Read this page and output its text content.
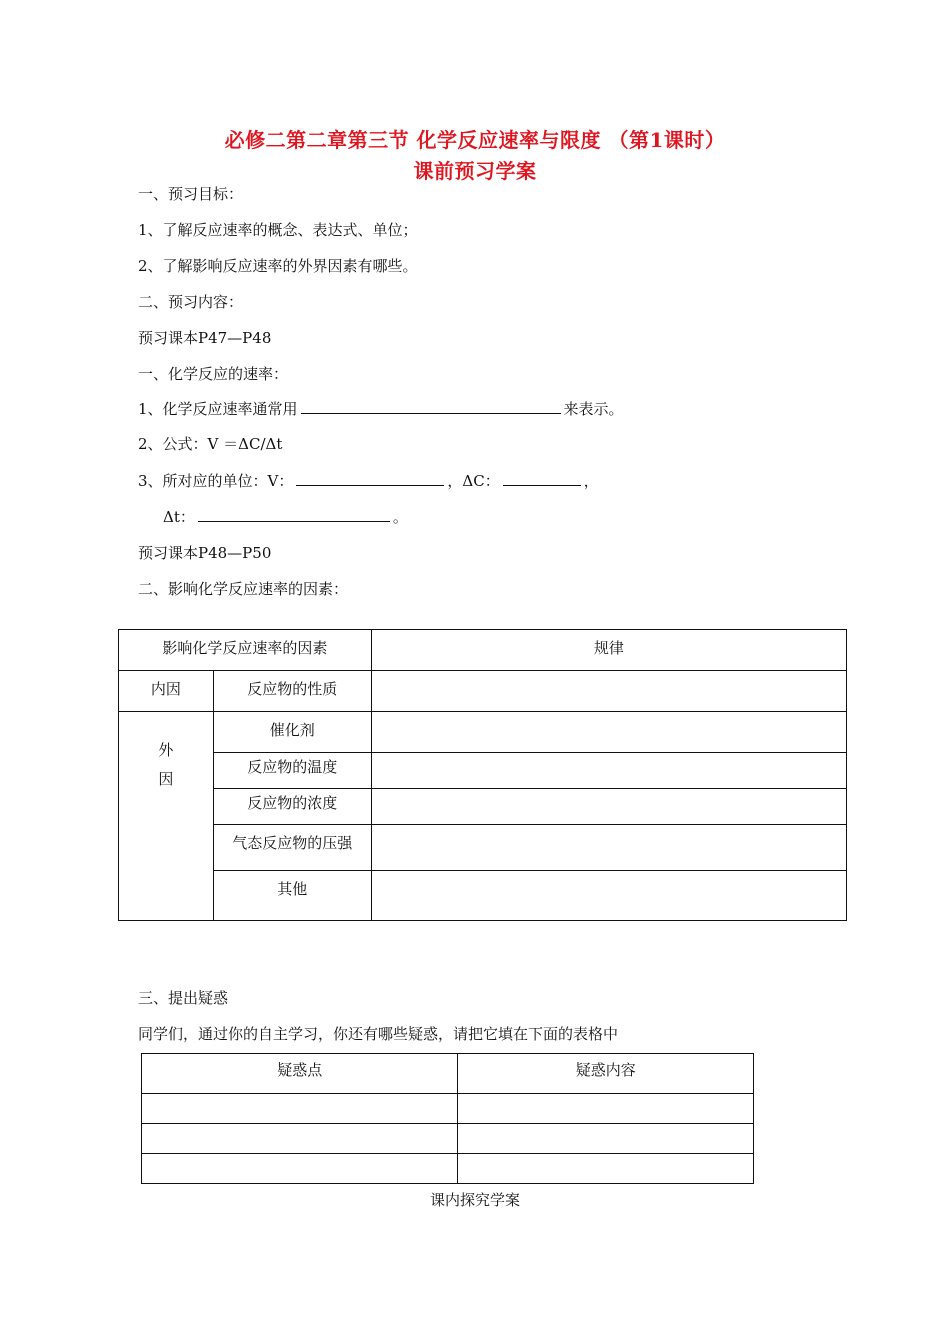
必修二第二章第三节 化学反应速率与限度 （第1课时）
课前预习学案
一、预习目标：
1、了解反应速率的概念、表达式、单位；
2、了解影响反应速率的外界因素有哪些。
二、预习内容：
预习课本P47—P48
一、化学反应的速率：
1、化学反应速率通常用	来表示。
2、公式：V ＝ΔC/Δt
3、所对应的单位：V：	，ΔC：	，
Δt：	。
预习课本P48—P50
二、影响化学反应速率的因素：
影响化学反应速率的因素		规律

内因	反应物的性质	

外
因	催化剂	

	反应物的温度	

	反应物的浓度	

	气态反应物的压强	

	其他	

三、提出疑惑
同学们，通过你的自主学习，你还有哪些疑惑，请把它填在下面的表格中
疑惑点	疑惑内容

课内探究学案
